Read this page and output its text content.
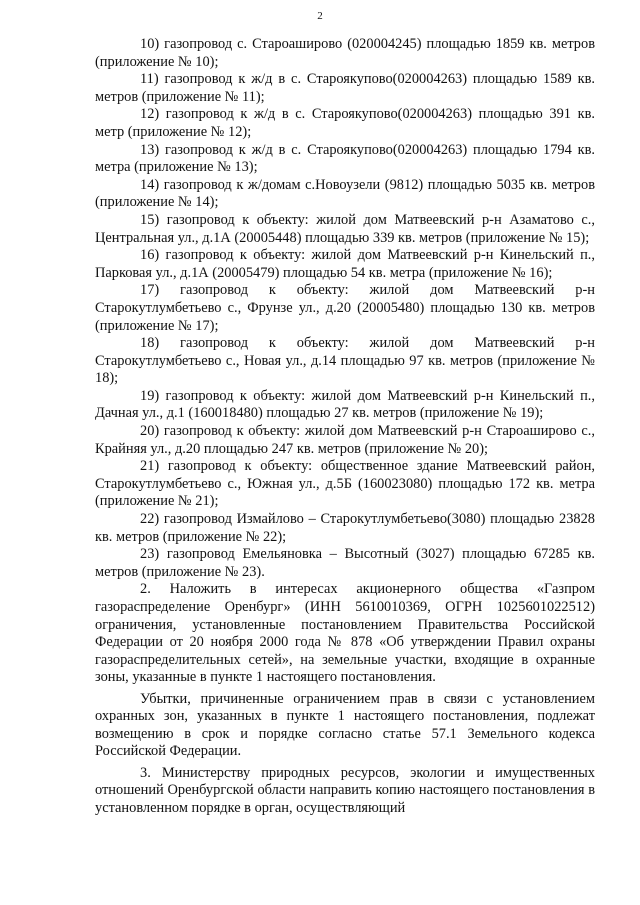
2

10) газопровод с. Староаширово (020004245) площадью 1859 кв. метров (приложение № 10);

11) газопровод к ж/д в с. Староякупово(020004263) площадью 1589 кв. метров (приложение № 11);

12) газопровод к ж/д в с. Староякупово(020004263) площадью 391 кв. метр (приложение № 12);

13) газопровод к ж/д в с. Староякупово(020004263) площадью 1794 кв. метра (приложение № 13);

14) газопровод к ж/домам с.Новоузели (9812) площадью 5035 кв. метров (приложение № 14);

15) газопровод к объекту: жилой дом Матвеевский р-н Азаматово с., Центральная ул., д.1А (20005448) площадью 339 кв. метров (приложение № 15);

16) газопровод к объекту: жилой дом Матвеевский р-н Кинельский п., Парковая ул., д.1А (20005479) площадью 54 кв. метра (приложение № 16);

17) газопровод к объекту: жилой дом Матвеевский р-н Старокутлумбетьево с., Фрунзе ул., д.20 (20005480) площадью 130 кв. метров (приложение № 17);

18) газопровод к объекту: жилой дом Матвеевский р-н Старокутлумбетьево с., Новая ул., д.14 площадью 97 кв. метров (приложение № 18);

19) газопровод к объекту: жилой дом Матвеевский р-н Кинельский п., Дачная ул., д.1 (160018480) площадью 27 кв. метров (приложение № 19);

20) газопровод к объекту: жилой дом Матвеевский р-н Староаширово с., Крайняя ул., д.20 площадью 247 кв. метров (приложение № 20);

21) газопровод к объекту: общественное здание Матвеевский район, Старокутлумбетьево с., Южная ул., д.5Б (160023080) площадью 172 кв. метра (приложение № 21);

22) газопровод Измайлово – Старокутлумбетьево(3080) площадью 23828 кв. метров (приложение № 22);

23) газопровод Емельяновка – Высотный (3027) площадью 67285 кв. метров (приложение № 23).

2. Наложить в интересах акционерного общества «Газпром газораспределение Оренбург» (ИНН 5610010369, ОГРН 1025601022512) ограничения, установленные постановлением Правительства Российской Федерации от 20 ноября 2000 года № 878 «Об утверждении Правил охраны газораспределительных сетей», на земельные участки, входящие в охранные зоны, указанные в пункте 1 настоящего постановления.

Убытки, причиненные ограничением прав в связи с установлением охранных зон, указанных в пункте 1 настоящего постановления, подлежат возмещению в срок и порядке согласно статье 57.1 Земельного кодекса Российской Федерации.

3. Министерству природных ресурсов, экологии и имущественных отношений Оренбургской области направить копию настоящего постановления в установленном порядке в орган, осуществляющий
